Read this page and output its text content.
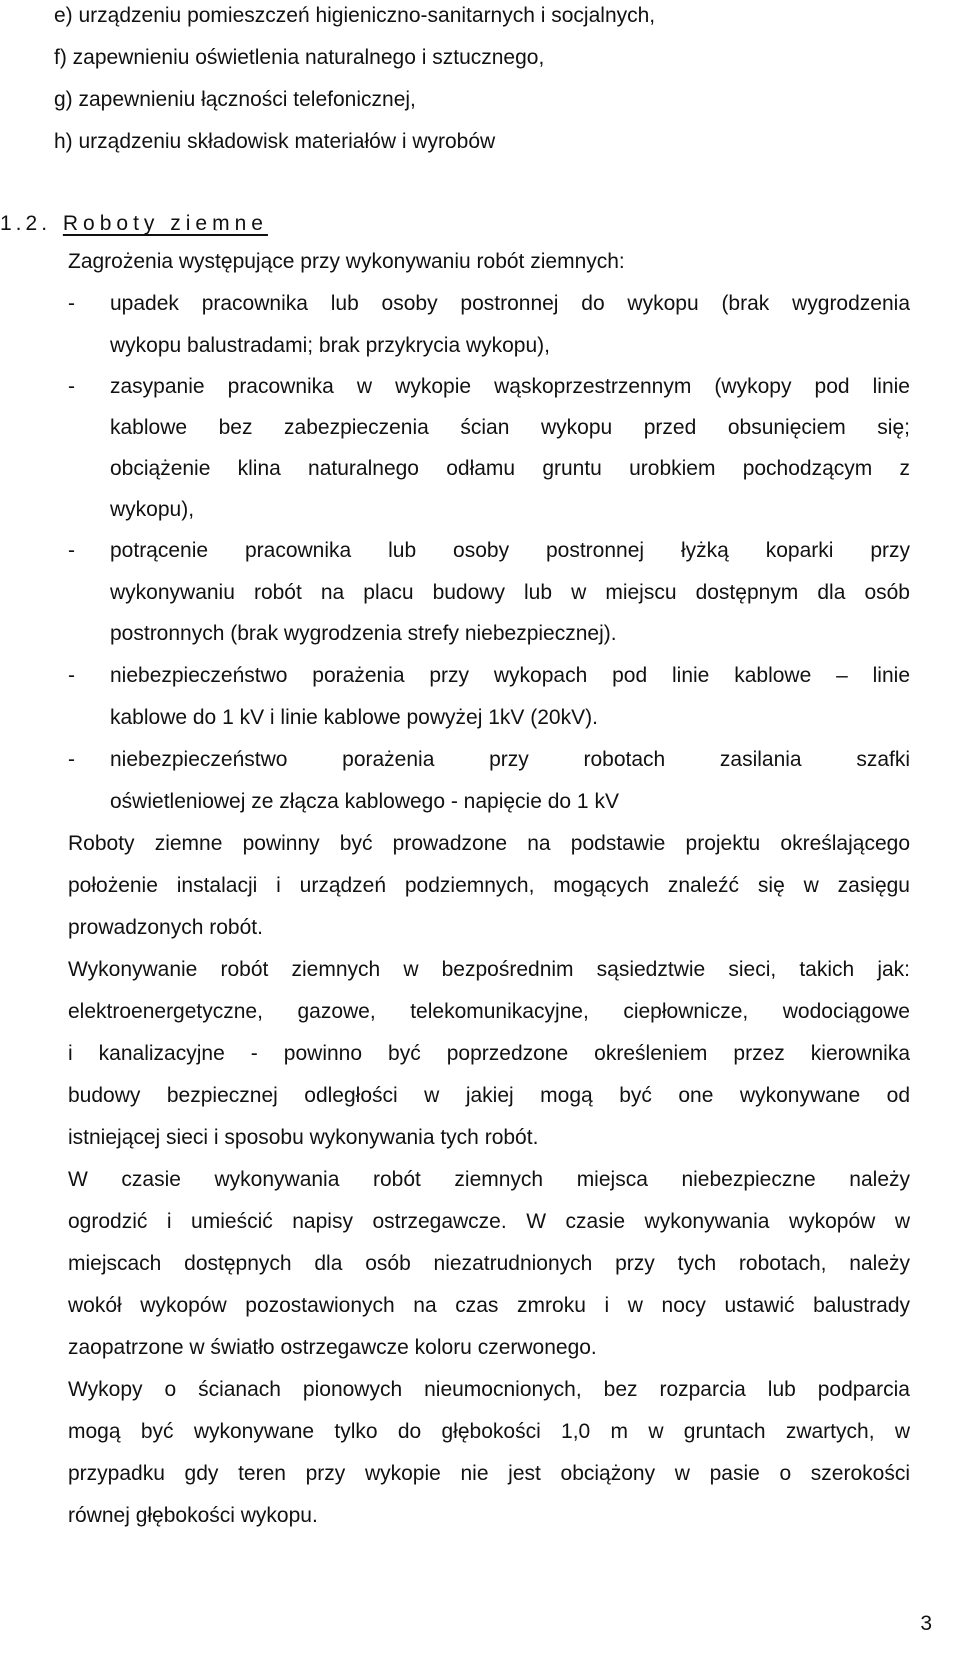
e) urządzeniu pomieszczeń higieniczno-sanitarnych i socjalnych,
f) zapewnieniu oświetlenia naturalnego i sztucznego,
g) zapewnieniu łączności telefonicznej,
h) urządzeniu składowisk materiałów i wyrobów
1.2. Roboty ziemne
Zagrożenia występujące przy wykonywaniu robót ziemnych:
- upadek pracownika lub osoby postronnej do wykopu (brak wygrodzenia
wykopu balustradami; brak przykrycia wykopu),
- zasypanie pracownika w wykopie wąskoprzestrzennym (wykopy pod linie
kablowe bez zabezpieczenia ścian wykopu przed obsunięciem się;
obciążenie klina naturalnego odłamu gruntu urobkiem pochodzącym z
wykopu),
- potrącenie pracownika lub osoby postronnej łyżką koparki przy
wykonywaniu robót na placu budowy lub w miejscu dostępnym dla osób
postronnych (brak wygrodzenia strefy niebezpiecznej).
- niebezpieczeństwo porażenia przy wykopach pod linie kablowe – linie
kablowe do 1 kV i linie kablowe powyżej 1kV (20kV).
- niebezpieczeństwo porażenia przy robotach zasilania szafki
oświetleniowej ze złącza kablowego - napięcie do 1 kV
Roboty ziemne powinny być prowadzone na podstawie projektu określającego
położenie instalacji i urządzeń podziemnych, mogących znaleźć się w zasięgu
prowadzonych robót.
Wykonywanie robót ziemnych w bezpośrednim sąsiedztwie sieci, takich jak:
elektroenergetyczne, gazowe, telekomunikacyjne, ciepłownicze, wodociągowe
i kanalizacyjne - powinno być poprzedzone określeniem przez kierownika
budowy bezpiecznej odległości w jakiej mogą być one wykonywane od
istniejącej sieci i sposobu wykonywania tych robót.
W czasie wykonywania robót ziemnych miejsca niebezpieczne należy
ogrodzić i umieścić napisy ostrzegawcze. W czasie wykonywania wykopów w
miejscach dostępnych dla osób niezatrudnionych przy tych robotach, należy
wokół wykopów pozostawionych na czas zmroku i w nocy ustawić balustrady
zaopatrzone w światło ostrzegawcze koloru czerwonego.
Wykopy o ścianach pionowych nieumocnionych, bez rozparcia lub podparcia
mogą być wykonywane tylko do głębokości 1,0 m w gruntach zwartych, w
przypadku gdy teren przy wykopie nie jest obciążony w pasie o szerokości
równej głębokości wykopu.
3
